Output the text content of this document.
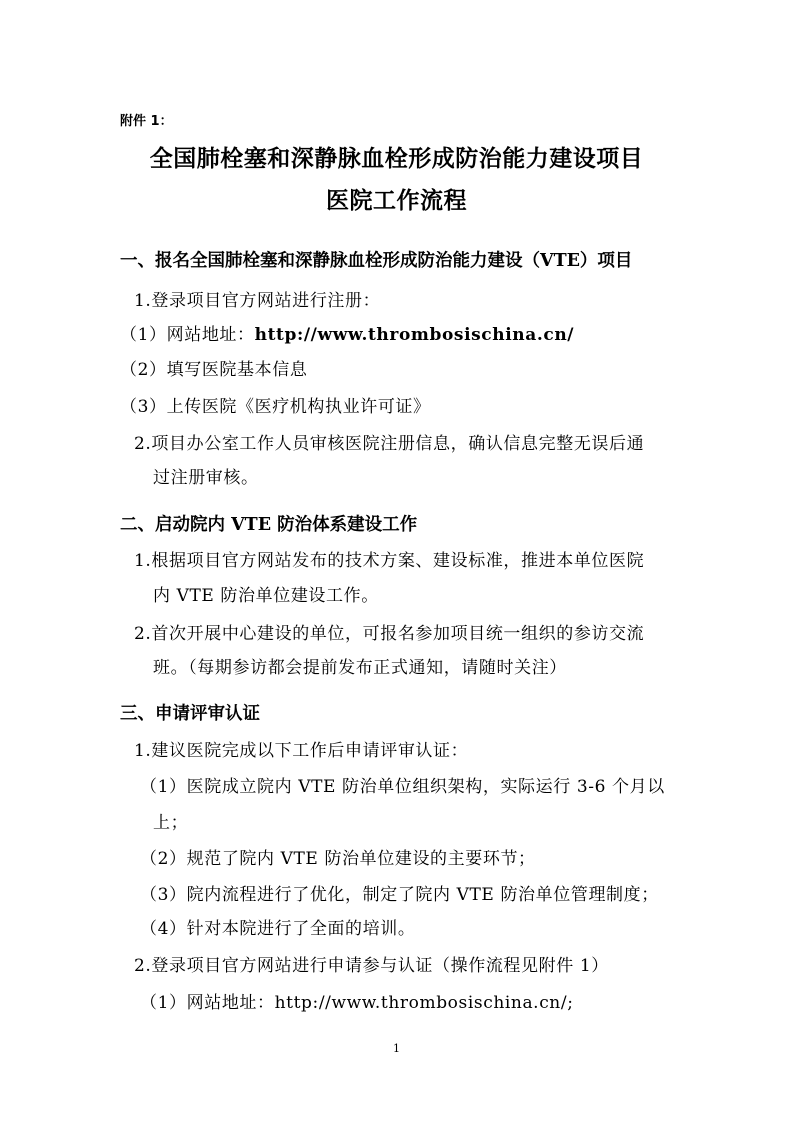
附件 1：
全国肺栓塞和深静脉血栓形成防治能力建设项目
医院工作流程
一、报名全国肺栓塞和深静脉血栓形成防治能力建设（VTE）项目
1.登录项目官方网站进行注册：
（1）网站地址：http://www.thrombosischina.cn/
（2）填写医院基本信息
（3）上传医院《医疗机构执业许可证》
2.项目办公室工作人员审核医院注册信息，确认信息完整无误后通
过注册审核。
二、启动院内 VTE 防治体系建设工作
1.根据项目官方网站发布的技术方案、建设标准，推进本单位医院
内 VTE 防治单位建设工作。
2.首次开展中心建设的单位，可报名参加项目统一组织的参访交流
班。（每期参访都会提前发布正式通知，请随时关注）
三、申请评审认证
1.建议医院完成以下工作后申请评审认证：
（1）医院成立院内 VTE 防治单位组织架构，实际运行 3-6 个月以
上；
（2）规范了院内 VTE 防治单位建设的主要环节；
（3）院内流程进行了优化，制定了院内 VTE 防治单位管理制度；
（4）针对本院进行了全面的培训。
2.登录项目官方网站进行申请参与认证（操作流程见附件 1）
（1）网站地址：http://www.thrombosischina.cn/;
1
